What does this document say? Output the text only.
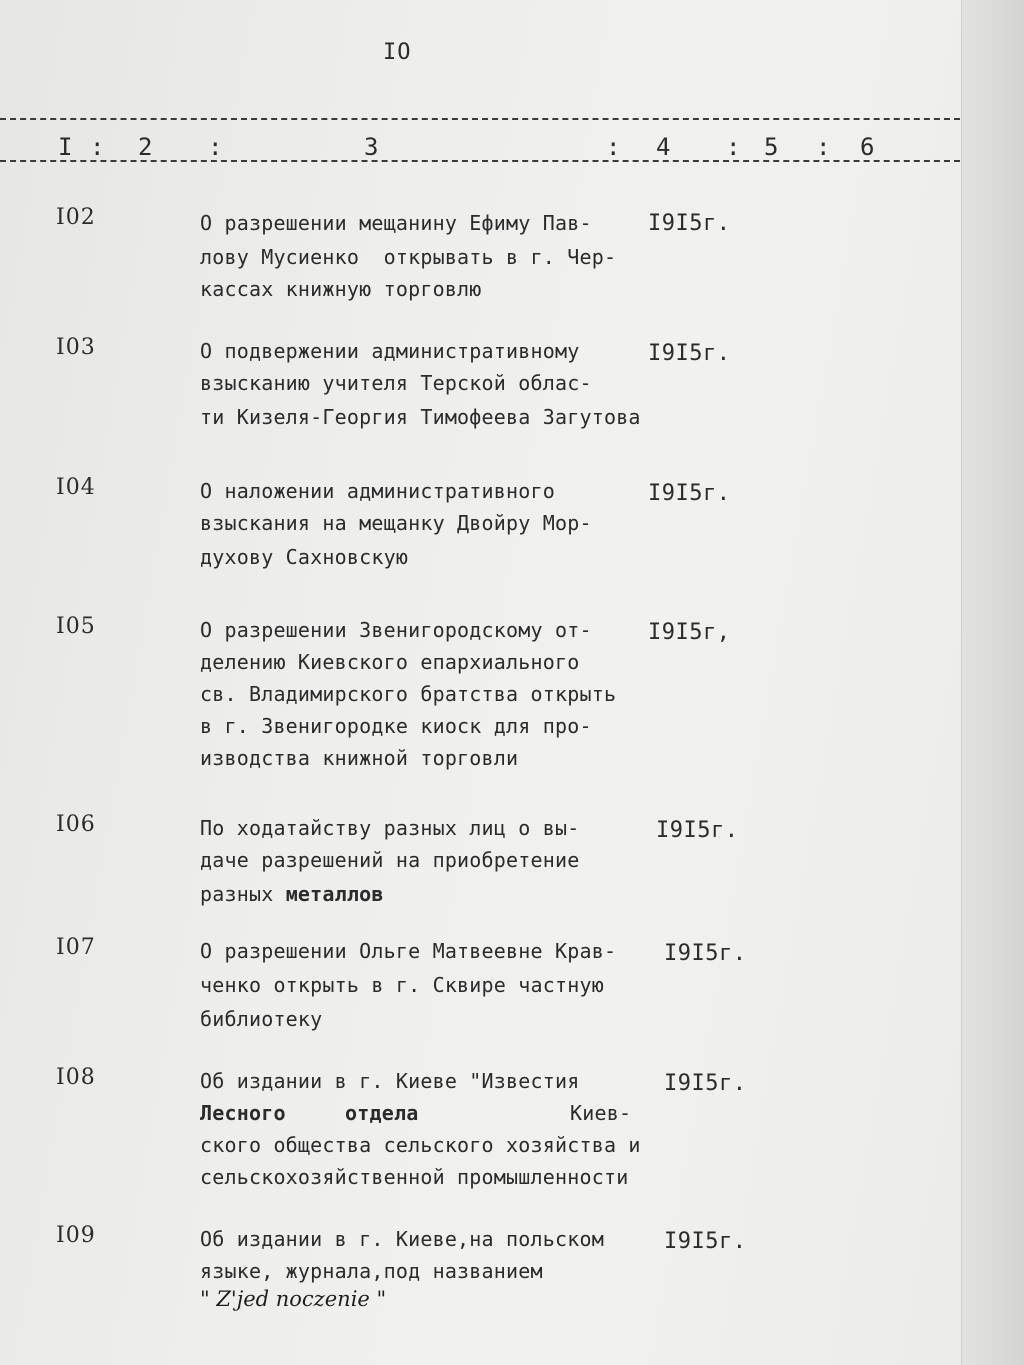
IO
I : 2 :	3	: 4 : 5 : 6
I02	О разрешении мещанину Ефиму Пав-
лову Мусиенко  открывать в г. Чер-
кассах книжную торговлю
I9I5г.
I03	О подвержении административному
взысканию учителя Терской облас-
ти Кизеля-Георгия Тимофеева Загутова
I9I5г.
I04	О наложении административного
взыскания на мещанку Двойру Мор-
духову Сахновскую
I9I5г.
I05	О разрешении Звенигородскому от-
делению Киевского епархиального
св. Владимирского братства открыть
в г. Звенигородке киоск для про-
изводства книжной торговли
I9I5г,
I06	По ходатайству разных лиц о вы-
даче разрешений на приобретение
разных металлов
I9I5г.
I07	О разрешении Ольге Матвеевне Крав-
ченко открыть в г. Сквире частную
библиотеку
I9I5г.
I08	Об издании в г. Киеве "Известия
Лесного	отдела	Киев-
ского общества сельского хозяйства и
сельскохозяйственной промышленности
I9I5г.
I09	Об издании в г. Киеве,на польском
языке, журнала,под названием
" Z'jed noczenie "
I9I5г.
